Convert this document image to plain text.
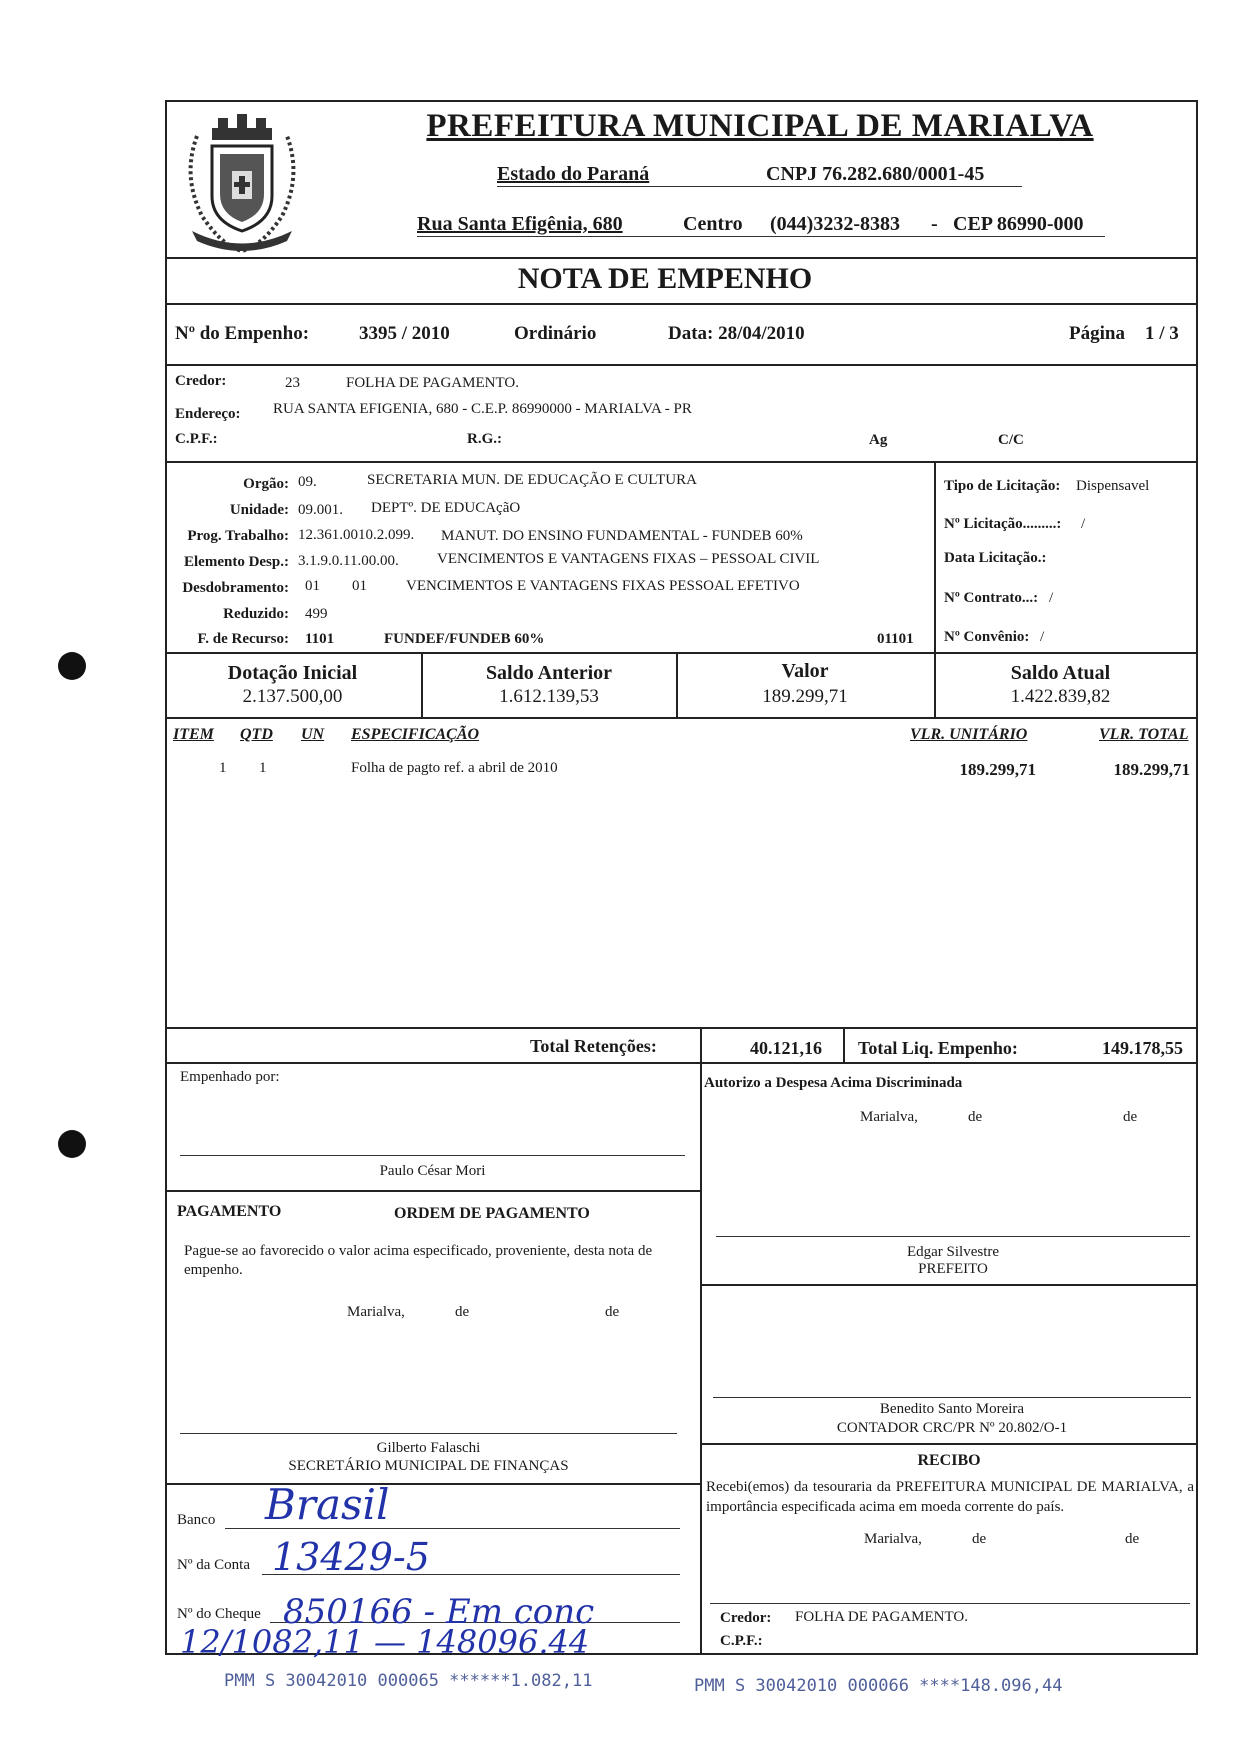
PREFEITURA MUNICIPAL DE MARIALVA
Estado do Paraná	CNPJ 76.282.680/0001-45
Rua Santa Efigênia, 680	Centro (044)3232-8383 - CEP 86990-000
NOTA DE EMPENHO
Nº do Empenho:	3395 / 2010	Ordinário	Data: 28/04/2010	Página 1 / 3
Credor:	23	FOLHA DE PAGAMENTO.
Endereço: RUA SANTA EFIGENIA, 680 - C.E.P. 86990000 - MARIALVA - PR
C.P.F.:	R.G.:	Ag	C/C
Orgão: 09.	SECRETARIA MUN. DE EDUCAÇÃO E CULTURA
Unidade: 09.001. DEPTº. DE EDUCAçãO
Prog. Trabalho: 12.361.0010.2.099. MANUT. DO ENSINO FUNDAMENTAL - FUNDEB 60%
Elemento Desp.: 3.1.9.0.11.00.00.	VENCIMENTOS E VANTAGENS FIXAS – PESSOAL CIVIL
Desdobramento: 01 01	VENCIMENTOS E VANTAGENS FIXAS PESSOAL EFETIVO
Reduzido: 499
F. de Recurso: 1101	FUNDEF/FUNDEB 60%	01101
Tipo de Licitação: Dispensavel
Nº Licitação.........: /
Data Licitação.:
Nº Contrato...: /
Nº Convênio: /
Dotação Inicial
2.137.500,00
Saldo Anterior
1.612.139,53
Valor
189.299,71
Saldo Atual
1.422.839,82
ITEM QTD UN ESPECIFICAÇÃO	VLR. UNITÁRIO	VLR. TOTAL
1 1	Folha de pagto ref. a abril de 2010	189.299,71	189.299,71
Total Retenções:	40.121,16 Total Liq. Empenho:	149.178,55
Empenhado por:
Paulo César Mori
Autorizo a Despesa Acima Discriminada
Marialva,	de	de
Edgar Silvestre
PREFEITO
PAGAMENTO	ORDEM DE PAGAMENTO
Pague-se ao favorecido o valor acima especificado, proveniente, desta nota de empenho.
Marialva,	de	de
Gilberto Falaschi
SECRETÁRIO MUNICIPAL DE FINANÇAS
Benedito Santo Moreira
CONTADOR CRC/PR Nº 20.802/O-1
RECIBO
Recebi(emos) da tesouraria da PREFEITURA MUNICIPAL DE MARIALVA, a importância especificada acima em moeda corrente do país.
Marialva,	de	de
Credor: FOLHA DE PAGAMENTO.
C.P.F.:
Banco Brasil
Nº da Conta 13429-5
Nº do Cheque 850166 - Em conc
12/1082,11 — 148096.44
PMM S 30042010 000065 ******1.082,11	PMM S 30042010 000066 ****148.096,44
